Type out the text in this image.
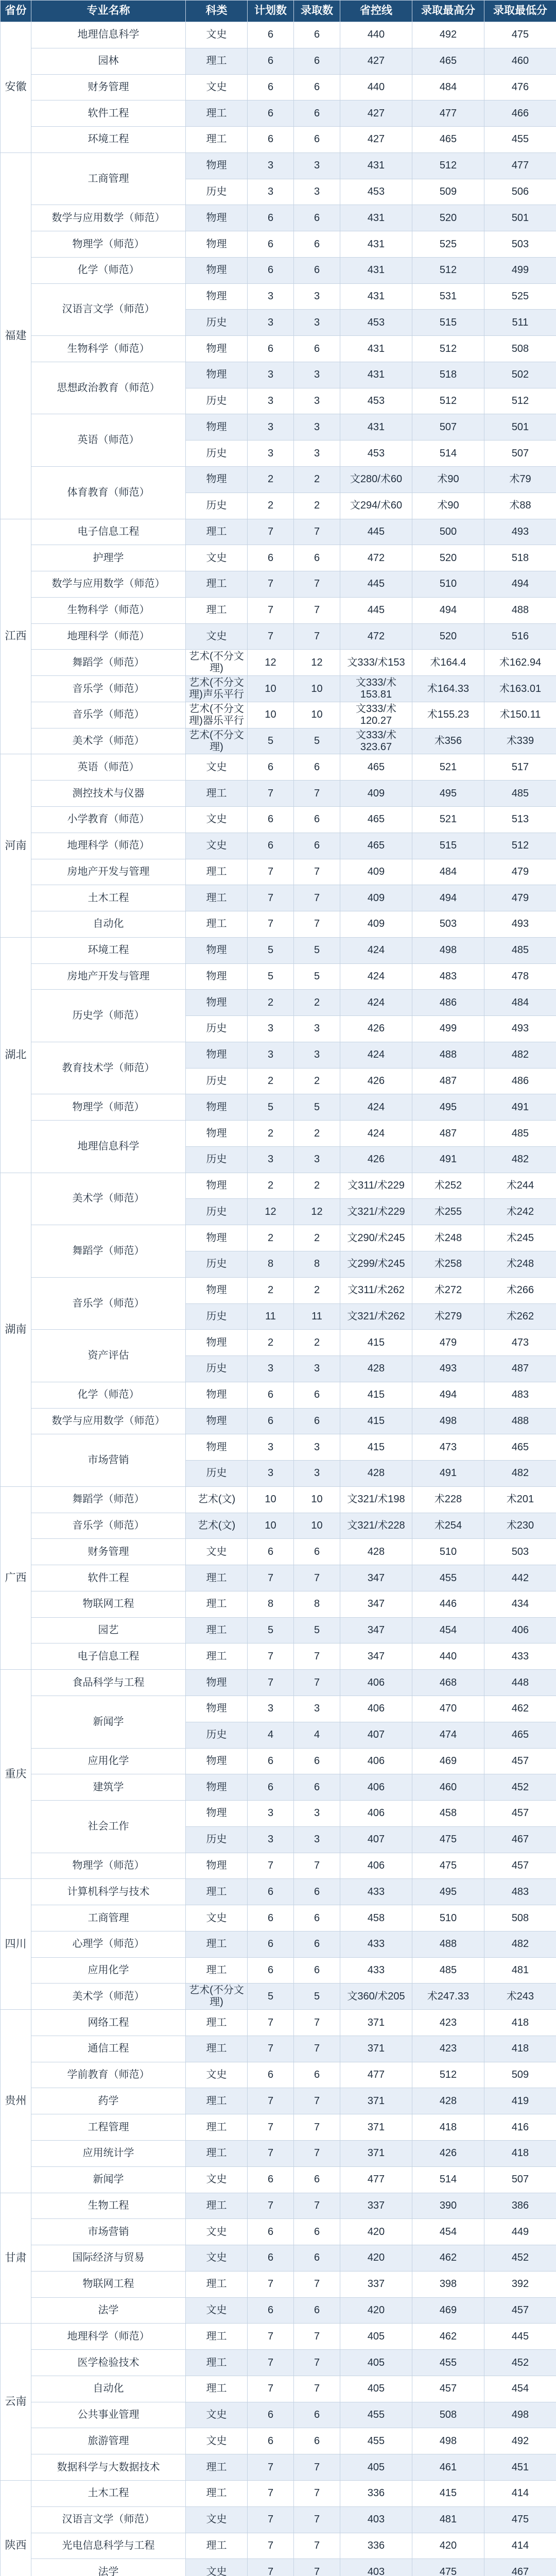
省份	专业名称	科类	计划数	录取数	省控线	录取最高分	录取最低分
安徽	地理信息科学	文史	6	6	440	492	475
	园林	理工	6	6	427	465	460
	财务管理	文史	6	6	440	484	476
	软件工程	理工	6	6	427	477	466
	环境工程	理工	6	6	427	465	455
福建	工商管理	物理	3	3	431	512	477
		历史	3	3	453	509	506
	数学与应用数学（师范）	物理	6	6	431	520	501
	物理学（师范）	物理	6	6	431	525	503
	化学（师范）	物理	6	6	431	512	499
	汉语言文学（师范）	物理	3	3	431	531	525
		历史	3	3	453	515	511
	生物科学（师范）	物理	6	6	431	512	508
	思想政治教育（师范）	物理	3	3	431	518	502
		历史	3	3	453	512	512
	英语（师范）	物理	3	3	431	507	501
		历史	3	3	453	514	507
	体育教育（师范）	物理	2	2	文280/术60	术90	术79
		历史	2	2	文294/术60	术90	术88
江西	电子信息工程	理工	7	7	445	500	493
	护理学	文史	6	6	472	520	518
	数学与应用数学（师范）	理工	7	7	445	510	494
	生物科学（师范）	理工	7	7	445	494	488
	地理科学（师范）	文史	7	7	472	520	516
	舞蹈学（师范）	艺术(不分文理)	12	12	文333/术153	术164.4	术162.94
	音乐学（师范）	艺术(不分文理)声乐平行	10	10	文333/术153.81	术164.33	术163.01
	音乐学（师范）	艺术(不分文理)器乐平行	10	10	文333/术120.27	术155.23	术150.11
	美术学（师范）	艺术(不分文理)	5	5	文333/术323.67	术356	术339
河南	英语（师范）	文史	6	6	465	521	517
	测控技术与仪器	理工	7	7	409	495	485
	小学教育（师范）	文史	6	6	465	521	513
	地理科学（师范）	文史	6	6	465	515	512
	房地产开发与管理	理工	7	7	409	484	479
	土木工程	理工	7	7	409	494	479
	自动化	理工	7	7	409	503	493
湖北	环境工程	物理	5	5	424	498	485
	房地产开发与管理	物理	5	5	424	483	478
	历史学（师范）	物理	2	2	424	486	484
		历史	3	3	426	499	493
	教育技术学（师范）	物理	3	3	424	488	482
		历史	2	2	426	487	486
	物理学（师范）	物理	5	5	424	495	491
	地理信息科学	物理	2	2	424	487	485
		历史	3	3	426	491	482
湖南	美术学（师范）	物理	2	2	文311/术229	术252	术244
		历史	12	12	文321/术229	术255	术242
	舞蹈学（师范）	物理	2	2	文290/术245	术248	术245
		历史	8	8	文299/术245	术258	术248
	音乐学（师范）	物理	2	2	文311/术262	术272	术266
		历史	11	11	文321/术262	术279	术262
	资产评估	物理	2	2	415	479	473
		历史	3	3	428	493	487
	化学（师范）	物理	6	6	415	494	483
	数学与应用数学（师范）	物理	6	6	415	498	488
	市场营销	物理	3	3	415	473	465
		历史	3	3	428	491	482
广西	舞蹈学（师范）	艺术(文)	10	10	文321/术198	术228	术201
	音乐学（师范）	艺术(文)	10	10	文321/术228	术254	术230
	财务管理	文史	6	6	428	510	503
	软件工程	理工	7	7	347	455	442
	物联网工程	理工	8	8	347	446	434
	园艺	理工	5	5	347	454	406
	电子信息工程	理工	7	7	347	440	433
重庆	食品科学与工程	物理	7	7	406	468	448
	新闻学	物理	3	3	406	470	462
		历史	4	4	407	474	465
	应用化学	物理	6	6	406	469	457
	建筑学	物理	6	6	406	460	452
	社会工作	物理	3	3	406	458	457
		历史	3	3	407	475	467
	物理学（师范）	物理	7	7	406	475	457
四川	计算机科学与技术	理工	6	6	433	495	483
	工商管理	文史	6	6	458	510	508
	心理学（师范）	理工	6	6	433	488	482
	应用化学	理工	6	6	433	485	481
	美术学（师范）	艺术(不分文理)	5	5	文360/术205	术247.33	术243
贵州	网络工程	理工	7	7	371	423	418
	通信工程	理工	7	7	371	423	418
	学前教育（师范）	文史	6	6	477	512	509
	药学	理工	7	7	371	428	419
	工程管理	理工	7	7	371	418	416
	应用统计学	理工	7	7	371	426	418
	新闻学	文史	6	6	477	514	507
甘肃	生物工程	理工	7	7	337	390	386
	市场营销	文史	6	6	420	454	449
	国际经济与贸易	文史	6	6	420	462	452
	物联网工程	理工	7	7	337	398	392
	法学	文史	6	6	420	469	457
云南	地理科学（师范）	理工	7	7	405	462	445
	医学检验技术	理工	7	7	405	455	452
	自动化	理工	7	7	405	457	454
	公共事业管理	文史	6	6	455	508	498
	旅游管理	文史	6	6	455	498	492
	数据科学与大数据技术	理工	7	7	405	461	451
陕西	土木工程	理工	7	7	336	415	414
	汉语言文学（师范）	文史	7	7	403	481	475
	光电信息科学与工程	理工	7	7	336	420	414
	法学	文史	7	7	403	475	467
